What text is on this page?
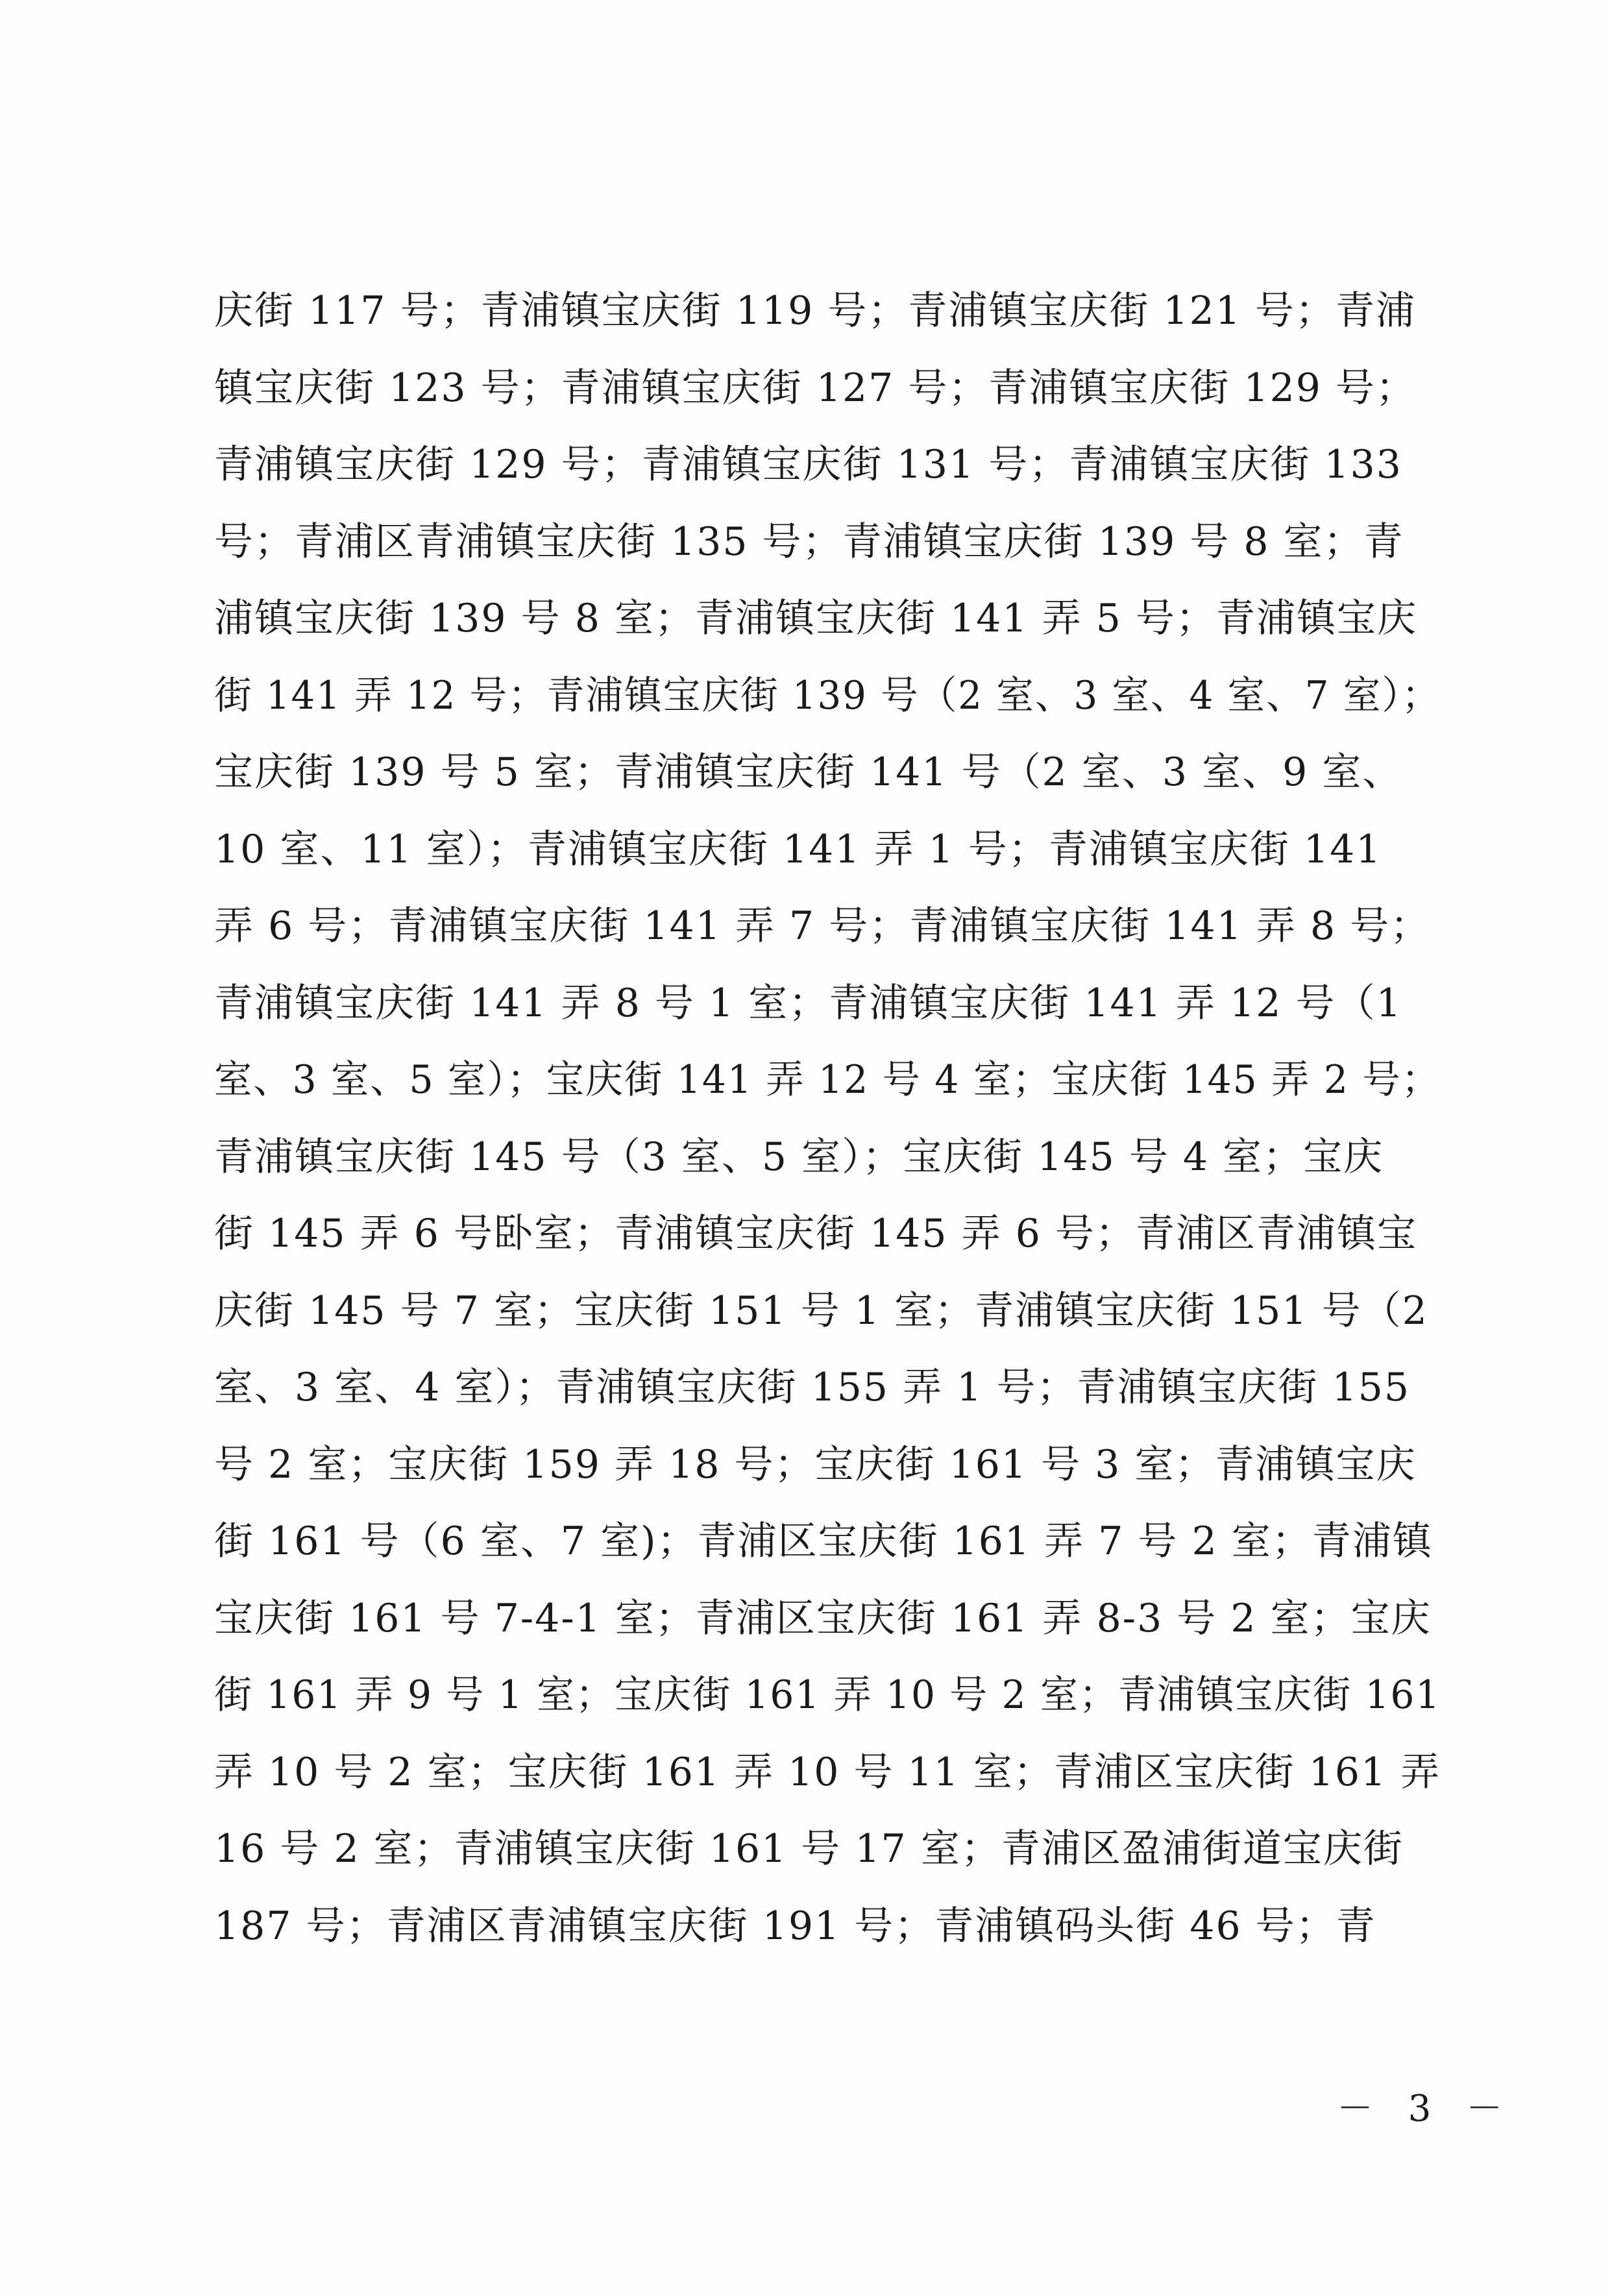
庆街 117 号；青浦镇宝庆街 119 号；青浦镇宝庆街 121 号；青浦
镇宝庆街 123 号；青浦镇宝庆街 127 号；青浦镇宝庆街 129 号；
青浦镇宝庆街 129 号；青浦镇宝庆街 131 号；青浦镇宝庆街 133
号；青浦区青浦镇宝庆街 135 号；青浦镇宝庆街 139 号 8 室；青
浦镇宝庆街 139 号 8 室；青浦镇宝庆街 141 弄 5 号；青浦镇宝庆
街 141 弄 12 号；青浦镇宝庆街 139 号（2 室、3 室、4 室、7 室）；
宝庆街 139 号 5 室；青浦镇宝庆街 141 号（2 室、3 室、9 室、
10 室、11 室）；青浦镇宝庆街 141 弄 1 号；青浦镇宝庆街 141
弄 6 号；青浦镇宝庆街 141 弄 7 号；青浦镇宝庆街 141 弄 8 号；
青浦镇宝庆街 141 弄 8 号 1 室；青浦镇宝庆街 141 弄 12 号（1
室、3 室、5 室）；宝庆街 141 弄 12 号 4 室；宝庆街 145 弄 2 号；
青浦镇宝庆街 145 号（3 室、5 室）；宝庆街 145 号 4 室；宝庆
街 145 弄 6 号卧室；青浦镇宝庆街 145 弄 6 号；青浦区青浦镇宝
庆街 145 号 7 室；宝庆街 151 号 1 室；青浦镇宝庆街 151 号（2
室、3 室、4 室）；青浦镇宝庆街 155 弄 1 号；青浦镇宝庆街 155
号 2 室；宝庆街 159 弄 18 号；宝庆街 161 号 3 室；青浦镇宝庆
街 161 号（6 室、7 室)；青浦区宝庆街 161 弄 7 号 2 室；青浦镇
宝庆街 161 号 7-4-1 室；青浦区宝庆街 161 弄 8-3 号 2 室；宝庆
街 161 弄 9 号 1 室；宝庆街 161 弄 10 号 2 室；青浦镇宝庆街 161
弄 10 号 2 室；宝庆街 161 弄 10 号 11 室；青浦区宝庆街 161 弄
16 号 2 室；青浦镇宝庆街 161 号 17 室；青浦区盈浦街道宝庆街
187 号；青浦区青浦镇宝庆街 191 号；青浦镇码头街 46 号；青
－ 3 －
